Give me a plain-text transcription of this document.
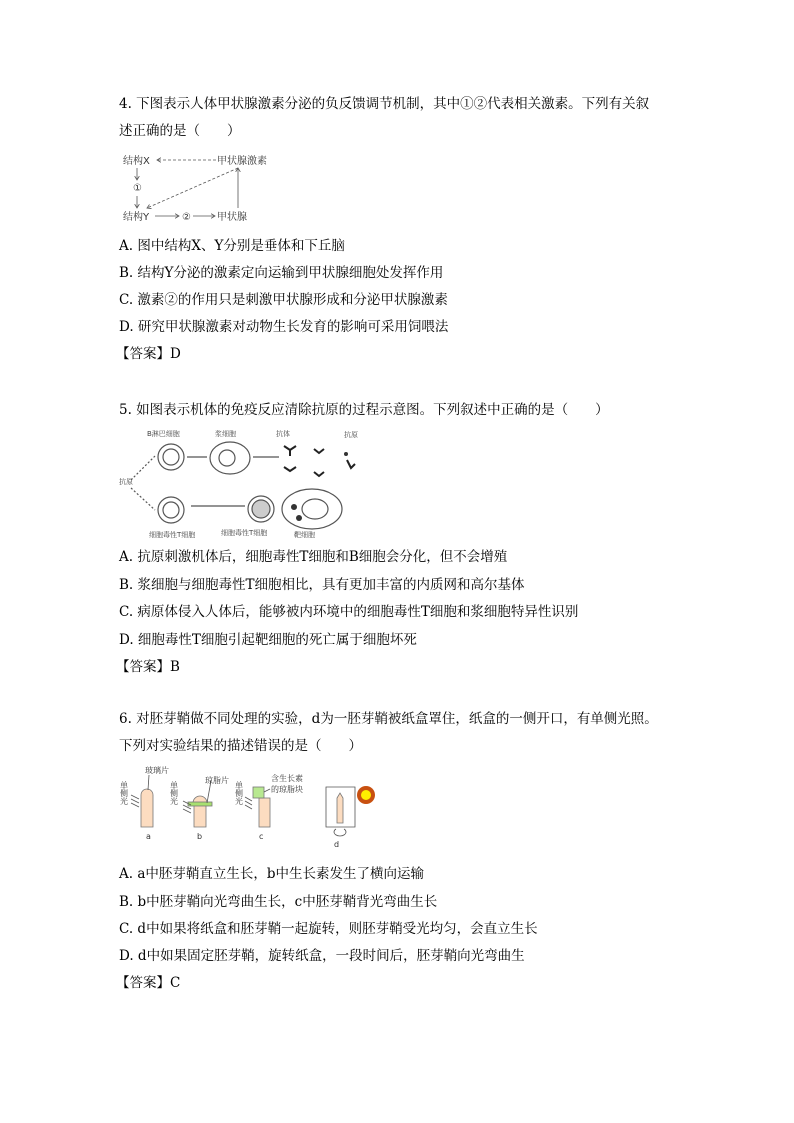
4. 下图表示人体甲状腺激素分泌的负反馈调节机制，其中①②代表相关激素。下列有关叙
述正确的是（　　）
结构X	甲状腺激素
①
结构Y	②	甲状腺
A. 图中结构X、Y分别是垂体和下丘脑
B. 结构Y分泌的激素定向运输到甲状腺细胞处发挥作用
C. 激素②的作用只是刺激甲状腺形成和分泌甲状腺激素
D. 研究甲状腺激素对动物生长发育的影响可采用饲喂法
【答案】D
5. 如图表示机体的免疫反应清除抗原的过程示意图。下列叙述中正确的是（　　）
B淋巴细胞	浆细胞	抗体	抗原
抗原
细胞毒性T细胞	细胞毒性T细胞	靶细胞
A. 抗原刺激机体后，细胞毒性T细胞和B细胞会分化，但不会增殖
B. 浆细胞与细胞毒性T细胞相比，具有更加丰富的内质网和高尔基体
C. 病原体侵入人体后，能够被内环境中的细胞毒性T细胞和浆细胞特异性识别
D. 细胞毒性T细胞引起靶细胞的死亡属于细胞坏死
【答案】B
6. 对胚芽鞘做不同处理的实验，d为一胚芽鞘被纸盒罩住，纸盒的一侧开口，有单侧光照。
下列对实验结果的描述错误的是（　　）
玻璃片
琼脂片	含生长素
的琼脂块
a	b	c
d
单侧光	单侧光	单侧光
A. a中胚芽鞘直立生长，b中生长素发生了横向运输
B. b中胚芽鞘向光弯曲生长，c中胚芽鞘背光弯曲生长
C. d中如果将纸盒和胚芽鞘一起旋转，则胚芽鞘受光均匀，会直立生长
D. d中如果固定胚芽鞘，旋转纸盒，一段时间后，胚芽鞘向光弯曲生
【答案】C
